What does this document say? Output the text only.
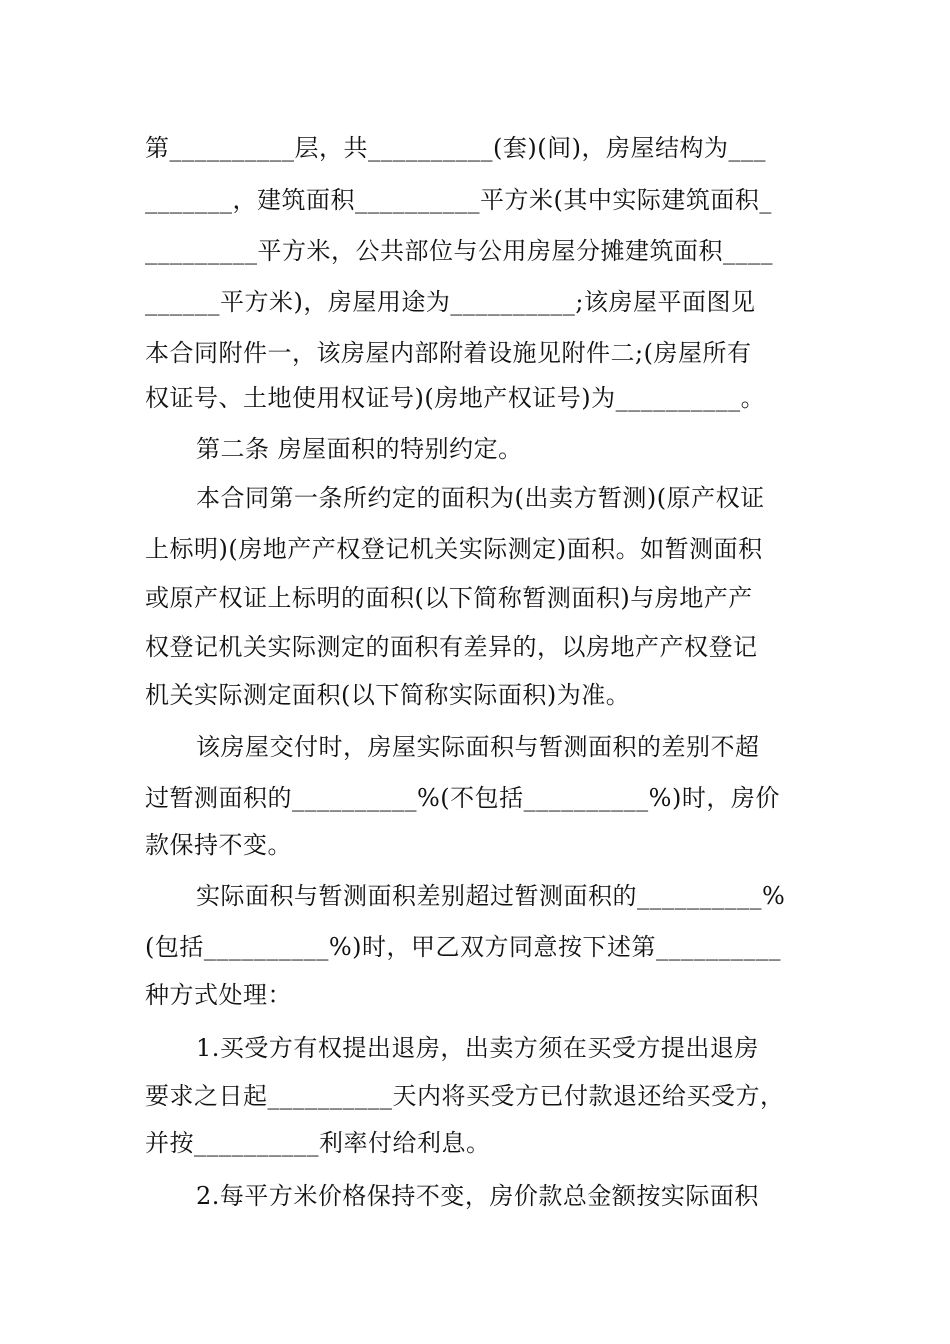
第__________层，共__________(套)(间)，房屋结构为___
_______，建筑面积__________平方米(其中实际建筑面积_
_________平方米，公共部位与公用房屋分摊建筑面积____
______平方米)，房屋用途为__________;该房屋平面图见
本合同附件一，该房屋内部附着设施见附件二;(房屋所有
权证号、土地使用权证号)(房地产权证号)为__________。
第二条 房屋面积的特别约定。
本合同第一条所约定的面积为(出卖方暂测)(原产权证
上标明)(房地产产权登记机关实际测定)面积。如暂测面积
或原产权证上标明的面积(以下简称暂测面积)与房地产产
权登记机关实际测定的面积有差异的，以房地产产权登记
机关实际测定面积(以下简称实际面积)为准。
该房屋交付时，房屋实际面积与暂测面积的差别不超
过暂测面积的__________%(不包括__________%)时，房价
款保持不变。
实际面积与暂测面积差别超过暂测面积的__________%
(包括__________%)时，甲乙双方同意按下述第__________
种方式处理：
1.买受方有权提出退房，出卖方须在买受方提出退房
要求之日起__________天内将买受方已付款退还给买受方，
并按__________利率付给利息。
2.每平方米价格保持不变，房价款总金额按实际面积
